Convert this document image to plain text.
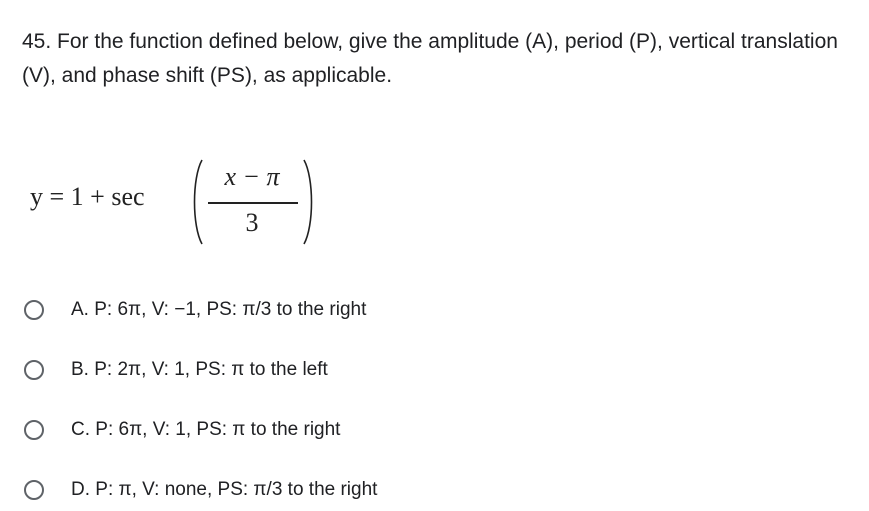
45. For the function defined below, give the amplitude (A), period (P), vertical translation (V), and phase shift (PS), as applicable.
y = 1 + sec
x − π
3
A. P: 6π, V: −1, PS: π/3 to the right
B. P: 2π, V: 1, PS: π to the left
C. P: 6π, V: 1, PS: π to the right
D. P: π, V: none, PS: π/3 to the right
